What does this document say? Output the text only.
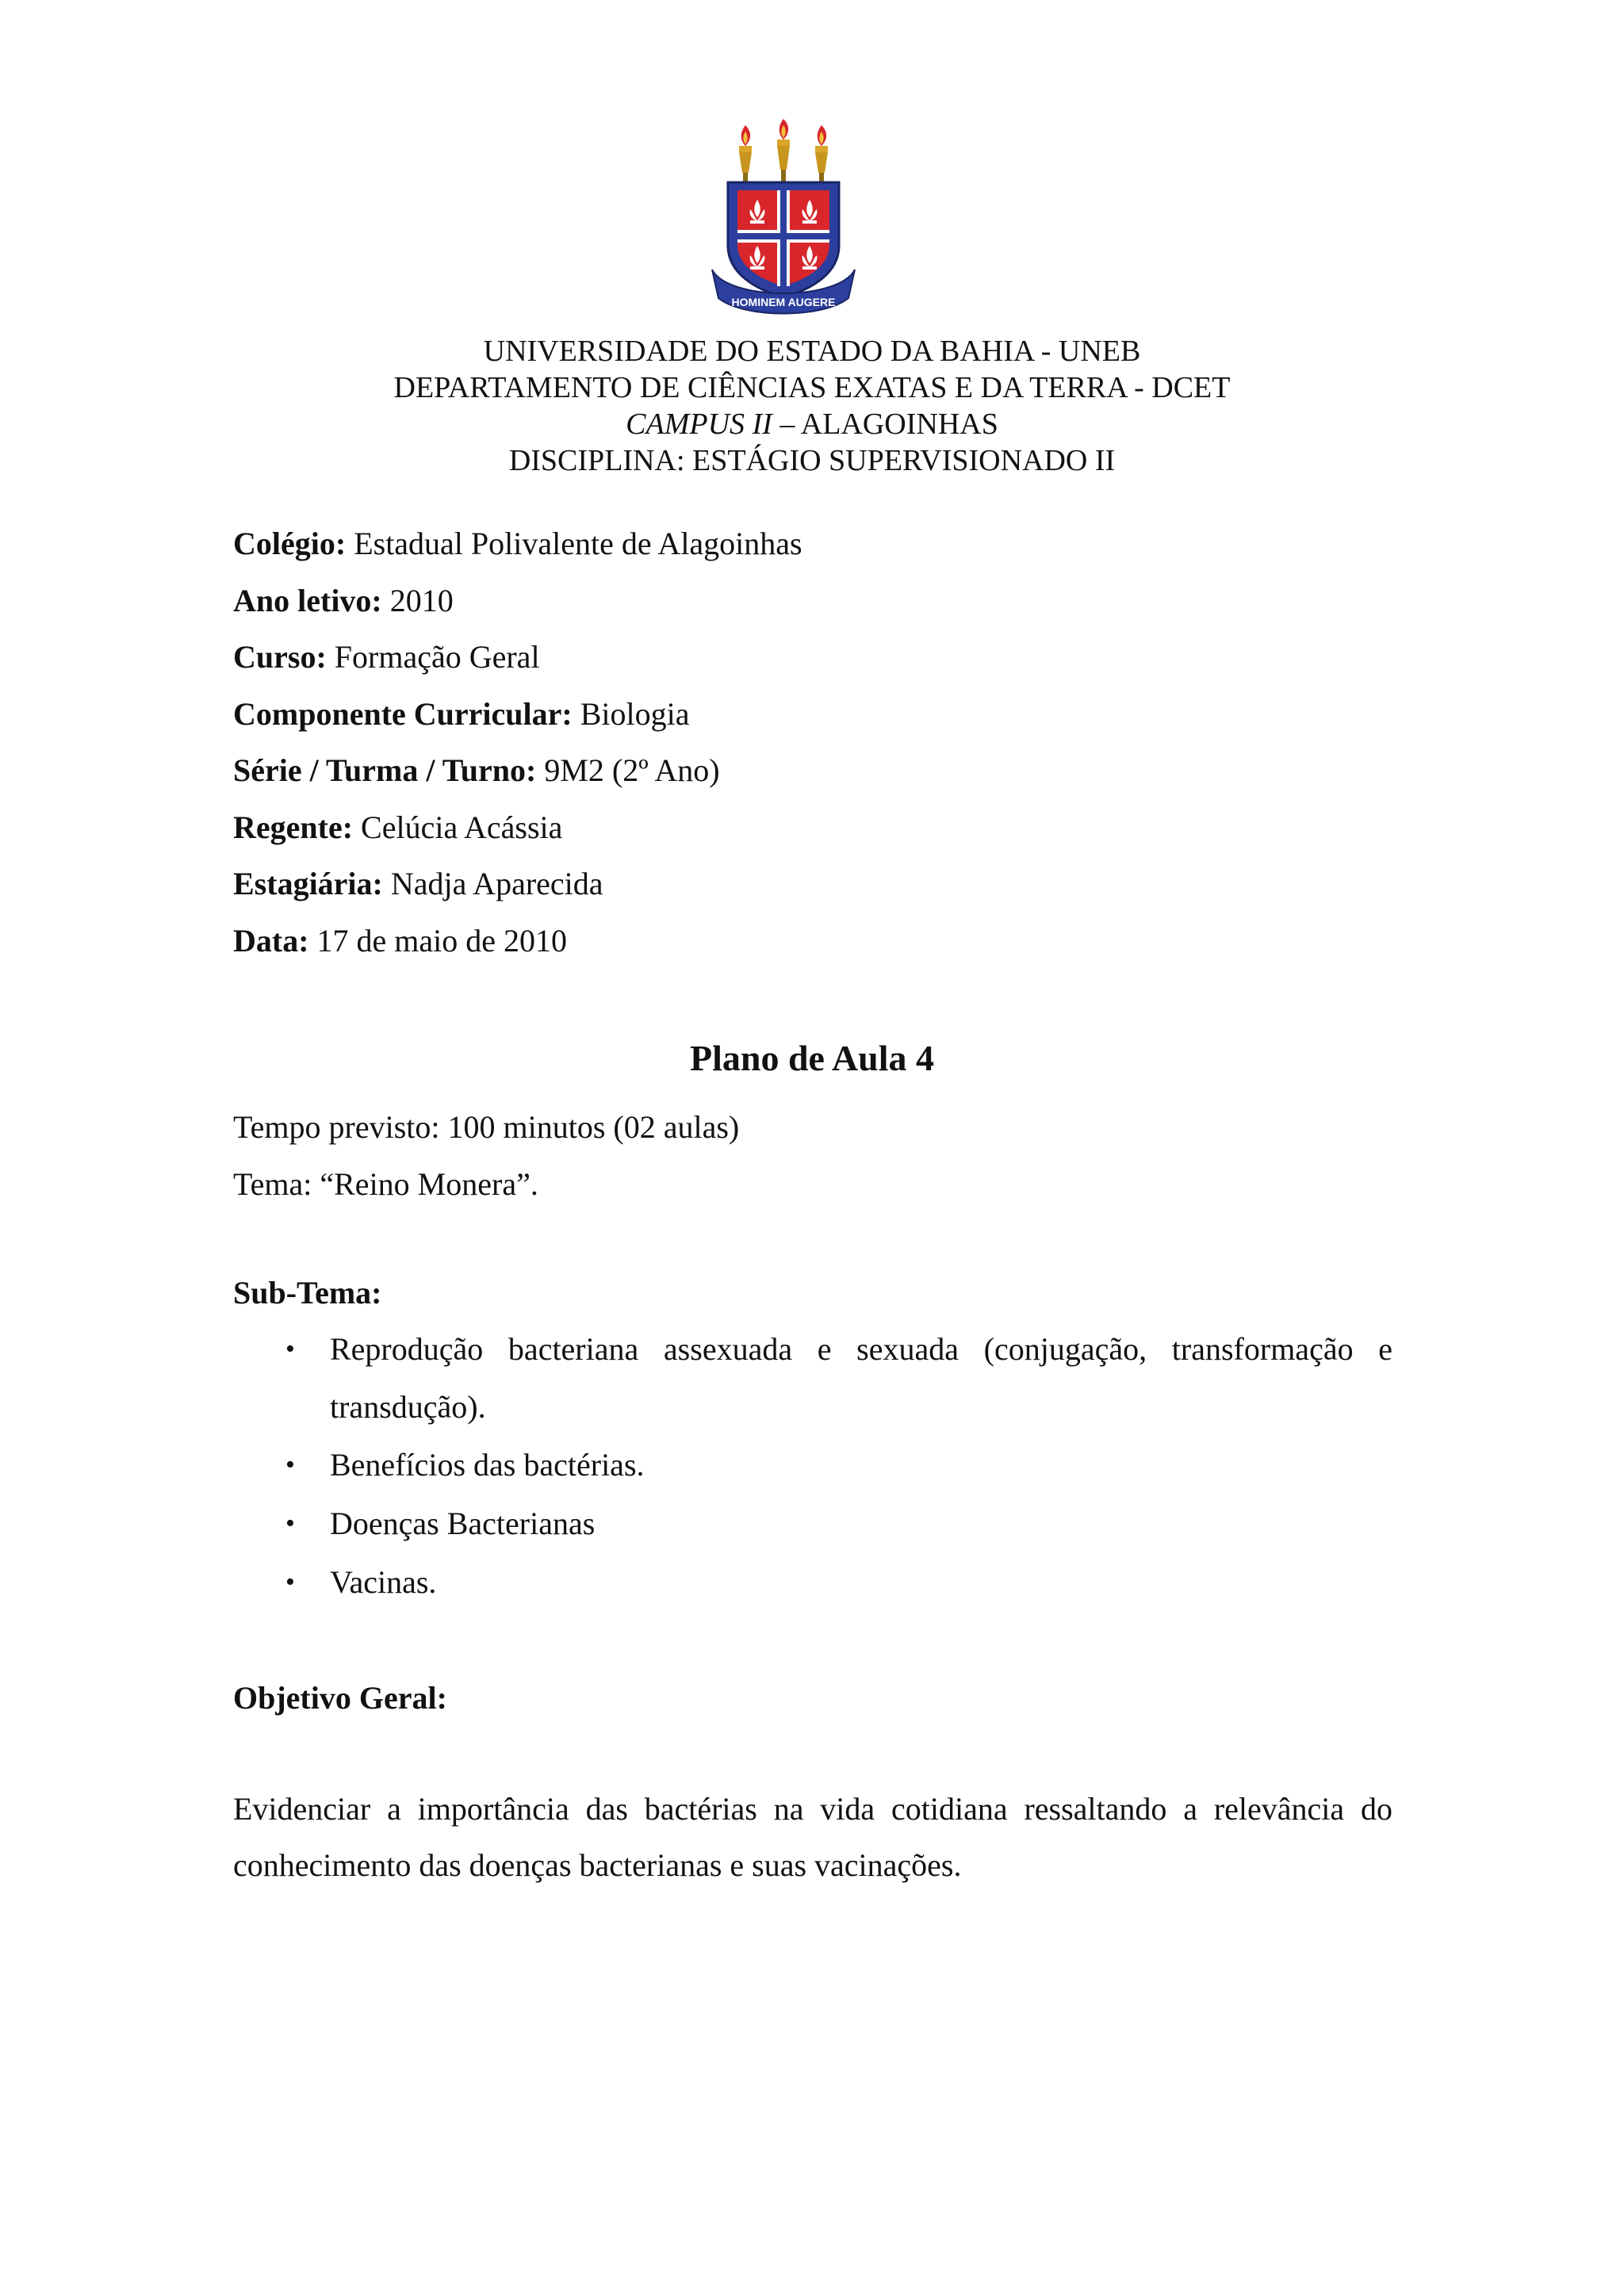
HOMINEM AUGERE
UNIVERSIDADE DO ESTADO DA BAHIA - UNEB
DEPARTAMENTO DE CIÊNCIAS EXATAS E DA TERRA - DCET
CAMPUS II – ALAGOINHAS
DISCIPLINA: ESTÁGIO SUPERVISIONADO II
Colégio: Estadual Polivalente de Alagoinhas
Ano letivo: 2010
Curso: Formação Geral
Componente Curricular: Biologia
Série / Turma / Turno: 9M2 (2º Ano)
Regente: Celúcia Acássia
Estagiária: Nadja Aparecida
Data: 17 de maio de 2010
Plano de Aula 4
Tempo previsto: 100 minutos (02 aulas)
Tema: “Reino Monera”.
Sub-Tema:
• Reprodução bacteriana assexuada e sexuada (conjugação, transformação e transdução).
• Benefícios das bactérias.
• Doenças Bacterianas
• Vacinas.
Objetivo Geral:
Evidenciar a importância das bactérias na vida cotidiana ressaltando a relevância do conhecimento das doenças bacterianas e suas vacinações.
